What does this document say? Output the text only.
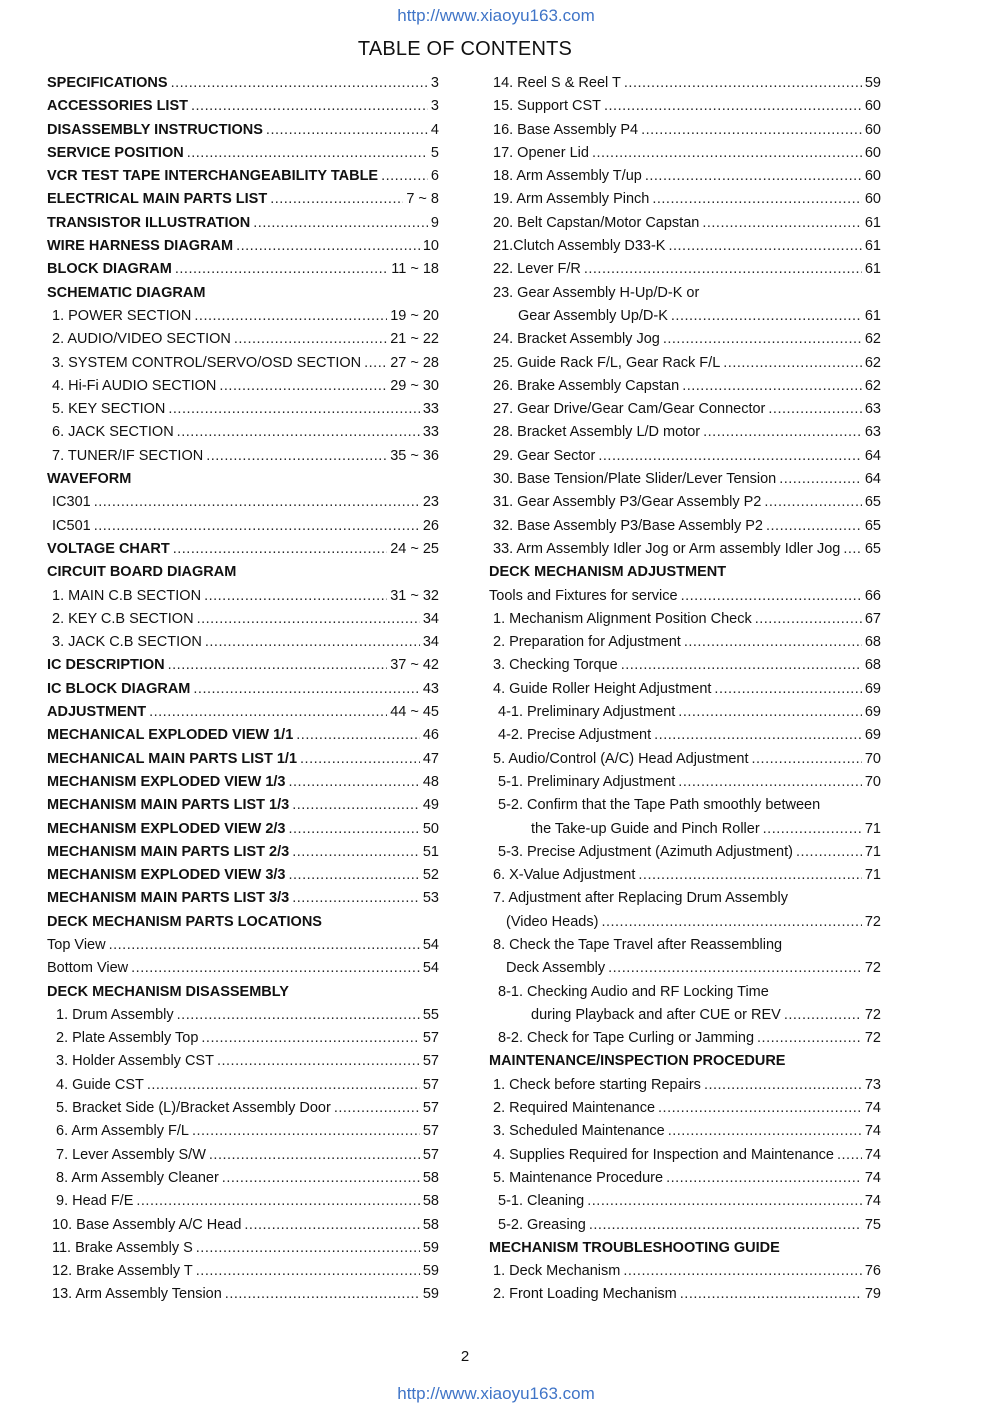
http://www.xiaoyu163.com
TABLE OF CONTENTS
SPECIFICATIONS .....	3
ACCESSORIES LIST .....	3
DISASSEMBLY INSTRUCTIONS .....	4
SERVICE POSITION .....	5
VCR TEST TAPE INTERCHANGEABILITY TABLE .....	6
ELECTRICAL MAIN PARTS LIST .....	7 ~ 8
TRANSISTOR ILLUSTRATION .....	9
WIRE HARNESS DIAGRAM .....	10
BLOCK DIAGRAM .....	11 ~ 18
SCHEMATIC DIAGRAM
1. POWER SECTION .....	19 ~ 20
2. AUDIO/VIDEO SECTION .....	21 ~ 22
3. SYSTEM CONTROL/SERVO/OSD SECTION ..... 27 ~ 28
4. Hi-Fi AUDIO SECTION .....	29 ~ 30
5. KEY SECTION .....	33
6. JACK SECTION .....	33
7. TUNER/IF SECTION .....	35 ~ 36
WAVEFORM
IC301 .....	23
IC501 .....	26
VOLTAGE CHART .....	24 ~ 25
CIRCUIT BOARD DIAGRAM
1. MAIN C.B SECTION .....	31 ~ 32
2. KEY C.B SECTION .....	34
3. JACK C.B SECTION .....	34
IC DESCRIPTION .....	37 ~ 42
IC BLOCK DIAGRAM .....	43
ADJUSTMENT .....	44 ~ 45
MECHANICAL EXPLODED VIEW 1/1 .....	46
MECHANICAL MAIN PARTS LIST 1/1 .....	47
MECHANISM EXPLODED VIEW 1/3 .....	48
MECHANISM MAIN PARTS LIST 1/3 .....	49
MECHANISM EXPLODED VIEW 2/3 .....	50
MECHANISM MAIN PARTS LIST 2/3 .....	51
MECHANISM EXPLODED VIEW 3/3 .....	52
MECHANISM MAIN PARTS LIST 3/3 .....	53
DECK MECHANISM PARTS LOCATIONS
Top View .....	54
Bottom View .....	54
DECK MECHANISM DISASSEMBLY
1. Drum Assembly .....	55
2. Plate Assembly Top .....	57
3. Holder Assembly CST .....	57
4. Guide CST .....	57
5. Bracket Side (L)/Bracket Assembly Door .....	57
6. Arm Assembly F/L .....	57
7. Lever Assembly S/W .....	57
8. Arm Assembly Cleaner .....	58
9. Head F/E .....	58
10. Base Assembly A/C Head .....	58
11. Brake Assembly S .....	59
12. Brake Assembly T .....	59
13. Arm Assembly Tension .....	59
14. Reel S & Reel T .....	59
15. Support CST .....	60
16. Base Assembly P4 .....	60
17. Opener Lid .....	60
18. Arm Assembly T/up .....	60
19. Arm Assembly Pinch .....	60
20. Belt Capstan/Motor Capstan .....	61
21.Clutch Assembly D33-K .....	61
22. Lever F/R .....	61
23. Gear Assembly H-Up/D-K or
Gear Assembly Up/D-K .....	61
24. Bracket Assembly Jog .....	62
25. Guide Rack F/L, Gear Rack F/L .....	62
26. Brake Assembly Capstan .....	62
27. Gear Drive/Gear Cam/Gear Connector .....	63
28. Bracket Assembly L/D motor .....	63
29. Gear Sector .....	64
30. Base Tension/Plate Slider/Lever Tension .....	64
31. Gear Assembly P3/Gear Assembly P2 .....	65
32. Base Assembly P3/Base Assembly P2 .....	65
33. Arm Assembly Idler Jog or Arm assembly Idler Jog ..... 65
DECK MECHANISM ADJUSTMENT
Tools and Fixtures for service .....	66
1. Mechanism Alignment Position Check .....	67
2. Preparation for Adjustment .....	68
3. Checking Torque .....	68
4. Guide Roller Height Adjustment .....	69
4-1. Preliminary Adjustment .....	69
4-2. Precise Adjustment .....	69
5. Audio/Control (A/C) Head Adjustment .....	70
5-1. Preliminary Adjustment .....	70
5-2. Confirm that the Tape Path smoothly between
the Take-up Guide and Pinch Roller .....	71
5-3. Precise Adjustment (Azimuth Adjustment) .....	71
6. X-Value Adjustment .....	71
7. Adjustment after Replacing Drum Assembly
(Video Heads) .....	72
8. Check the Tape Travel after Reassembling
Deck Assembly .....	72
8-1. Checking Audio and RF Locking Time
during Playback and after CUE or REV .....	72
8-2. Check for Tape Curling or Jamming .....	72
MAINTENANCE/INSPECTION PROCEDURE
1. Check before starting Repairs .....	73
2. Required Maintenance .....	74
3. Scheduled Maintenance .....	74
4. Supplies Required for Inspection and Maintenance ..... 74
5. Maintenance Procedure .....	74
5-1. Cleaning .....	74
5-2. Greasing .....	75
MECHANISM TROUBLESHOOTING GUIDE
1. Deck Mechanism .....	76
2. Front Loading Mechanism .....	79
2
http://www.xiaoyu163.com
